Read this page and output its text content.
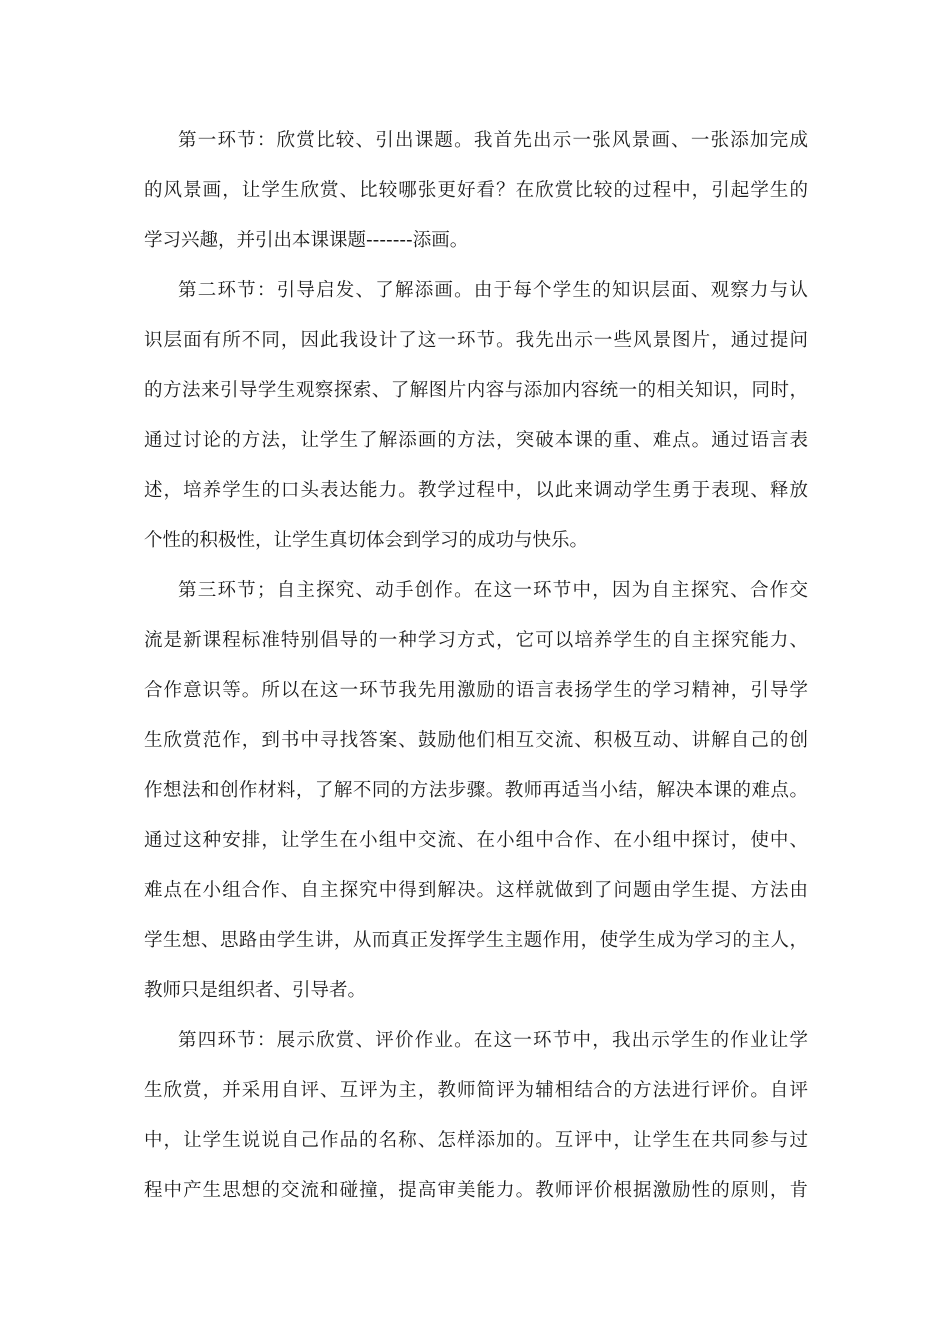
第一环节：欣赏比较、引出课题。我首先出示一张风景画、一张添加完成
的风景画，让学生欣赏、比较哪张更好看？在欣赏比较的过程中，引起学生的
学习兴趣，并引出本课课题-------添画。
第二环节：引导启发、了解添画。由于每个学生的知识层面、观察力与认
识层面有所不同，因此我设计了这一环节。我先出示一些风景图片，通过提问
的方法来引导学生观察探索、了解图片内容与添加内容统一的相关知识，同时，
通过讨论的方法，让学生了解添画的方法，突破本课的重、难点。通过语言表
述，培养学生的口头表达能力。教学过程中，以此来调动学生勇于表现、释放
个性的积极性，让学生真切体会到学习的成功与快乐。
第三环节；自主探究、动手创作。在这一环节中，因为自主探究、合作交
流是新课程标准特别倡导的一种学习方式，它可以培养学生的自主探究能力、
合作意识等。所以在这一环节我先用激励的语言表扬学生的学习精神，引导学
生欣赏范作，到书中寻找答案、鼓励他们相互交流、积极互动、讲解自己的创
作想法和创作材料，了解不同的方法步骤。教师再适当小结，解决本课的难点。
通过这种安排，让学生在小组中交流、在小组中合作、在小组中探讨，使中、
难点在小组合作、自主探究中得到解决。这样就做到了问题由学生提、方法由
学生想、思路由学生讲，从而真正发挥学生主题作用，使学生成为学习的主人，
教师只是组织者、引导者。
第四环节：展示欣赏、评价作业。在这一环节中，我出示学生的作业让学
生欣赏，并采用自评、互评为主，教师简评为辅相结合的方法进行评价。自评
中，让学生说说自己作品的名称、怎样添加的。互评中，让学生在共同参与过
程中产生思想的交流和碰撞，提高审美能力。教师评价根据激励性的原则，肯
